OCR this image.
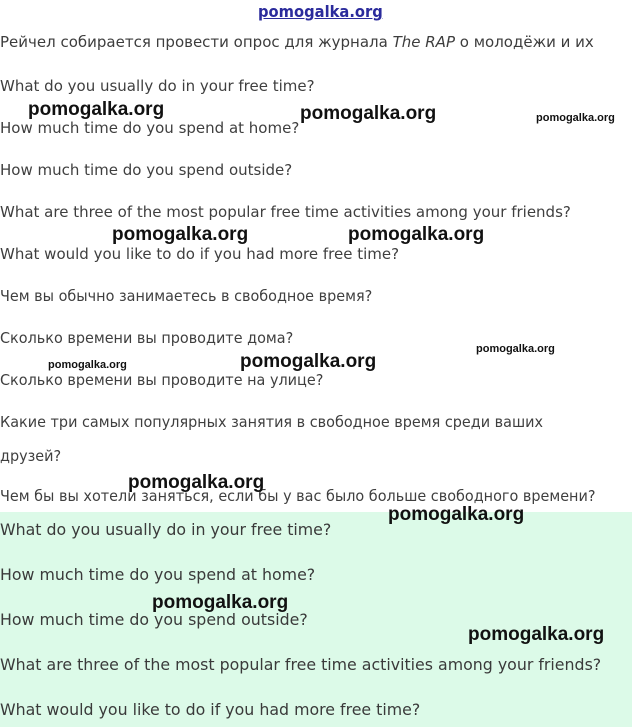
pomogalka.org
Рейчел собирается провести опрос для журнала The RAP о молодёжи и их
What do you usually do in your free time?
How much time do you spend at home?
How much time do you spend outside?
What are three of the most popular free time activities among your friends?
What would you like to do if you had more free time?
Чем вы обычно занимаетесь в свободное время?
Сколько времени вы проводите дома?
Сколько времени вы проводите на улице?
Какие три самых популярных занятия в свободное время среди ваших
друзей?
Чем бы вы хотели заняться, если бы у вас было больше свободного времени?
What do you usually do in your free time?
How much time do you spend at home?
How much time do you spend outside?
What are three of the most popular free time activities among your friends?
What would you like to do if you had more free time?
pomogalka.org	pomogalka.org	pomogalka.org
pomogalka.org	pomogalka.org
pomogalka.org
pomogalka.org
pomogalka.org
pomogalka.org
pomogalka.org
pomogalka.org
pomogalka.org
